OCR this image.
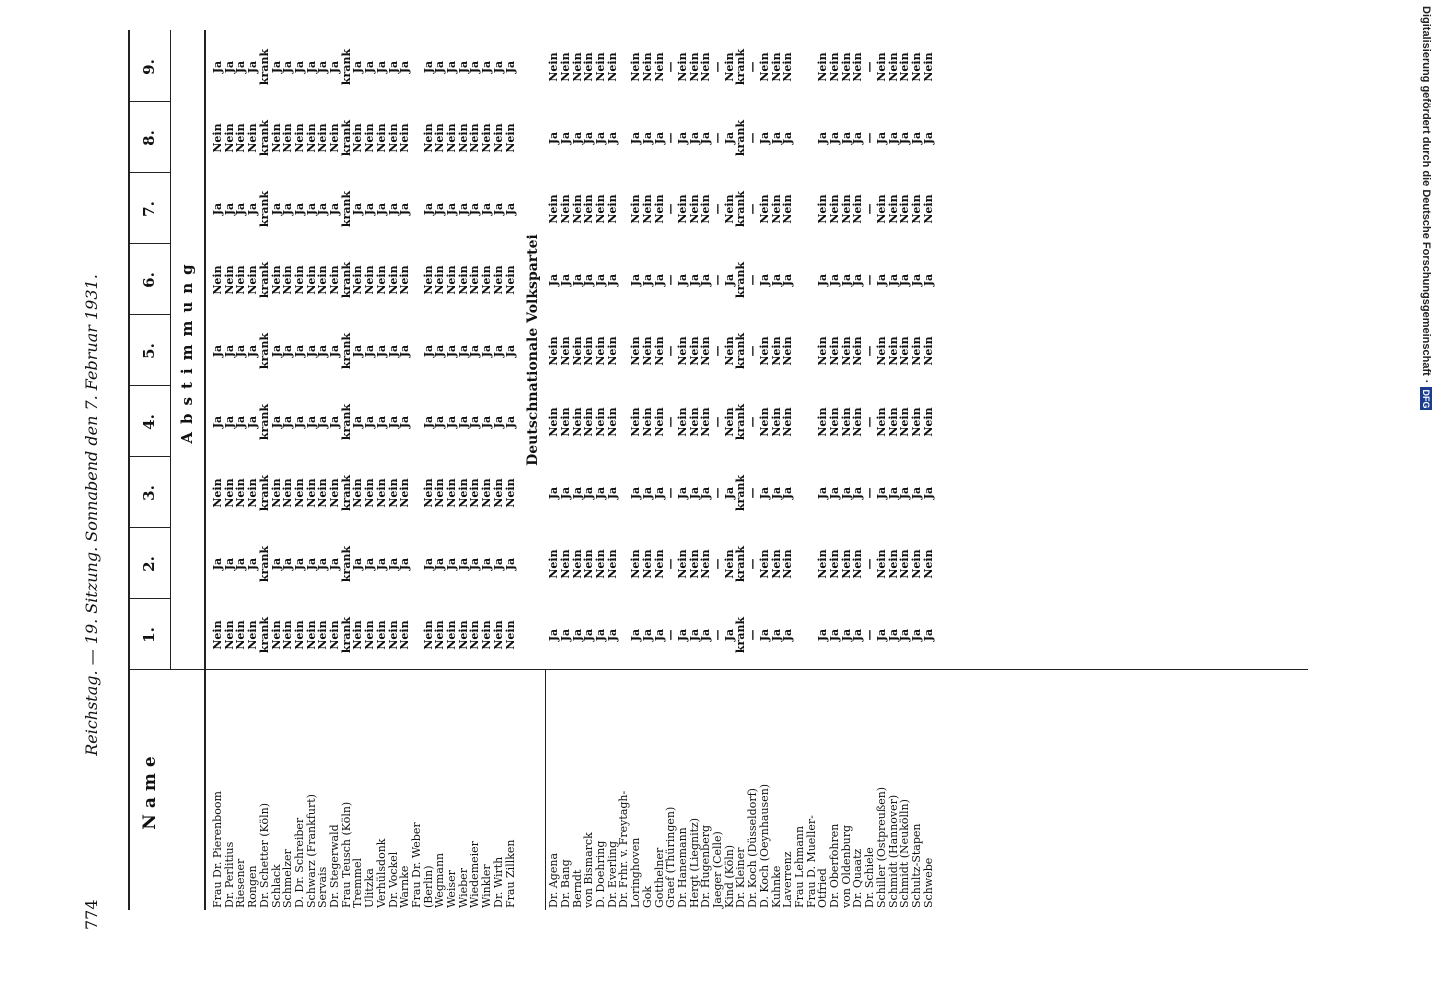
774
Reichstag. — 19. Sitzung. Sonnabend den 7. Februar 1931.
Name
Abstimmung
1.
2.
3.
4.
5.
6.
7.
8.
9.
Frau Dr. Pierenboom
Nein
Ja
Nein
Ja
Ja
Nein
Ja
Nein
Ja
Dr. Perlitius
Nein
Ja
Nein
Ja
Ja
Nein
Ja
Nein
Ja
Riesener
Nein
Ja
Nein
Ja
Ja
Nein
Ja
Nein
Ja
Rongen
Nein
Ja
Nein
Ja
Ja
Nein
Ja
Nein
Ja
Dr. Schetter (Köln)
krank
krank
krank
krank
krank
krank
krank
krank
krank
Schlack
Nein
Ja
Nein
Ja
Ja
Nein
Ja
Nein
Ja
Schmelzer
Nein
Ja
Nein
Ja
Ja
Nein
Ja
Nein
Ja
D. Dr. Schreiber
Nein
Ja
Nein
Ja
Ja
Nein
Ja
Nein
Ja
Schwarz (Frankfurt)
Nein
Ja
Nein
Ja
Ja
Nein
Ja
Nein
Ja
Servais
Nein
Ja
Nein
Ja
Ja
Nein
Ja
Nein
Ja
Dr. Stegerwald
Nein
Ja
Nein
Ja
Ja
Nein
Ja
Nein
Ja
Frau Teusch (Köln)
krank
krank
krank
krank
krank
krank
krank
krank
krank
Tremmel
Nein
Ja
Nein
Ja
Ja
Nein
Ja
Nein
Ja
Ulitzka
Nein
Ja
Nein
Ja
Ja
Nein
Ja
Nein
Ja
Verhülsdonk
Nein
Ja
Nein
Ja
Ja
Nein
Ja
Nein
Ja
Dr. Vockel
Nein
Ja
Nein
Ja
Ja
Nein
Ja
Nein
Ja
Warnke
Nein
Ja
Nein
Ja
Ja
Nein
Ja
Nein
Ja
Frau Dr. Weber
(Berlin)
Nein
Ja
Nein
Ja
Ja
Nein
Ja
Nein
Ja
Wegmann
Nein
Ja
Nein
Ja
Ja
Nein
Ja
Nein
Ja
Weiser
Nein
Ja
Nein
Ja
Ja
Nein
Ja
Nein
Ja
Wieber
Nein
Ja
Nein
Ja
Ja
Nein
Ja
Nein
Ja
Wiedemeier
Nein
Ja
Nein
Ja
Ja
Nein
Ja
Nein
Ja
Winkler
Nein
Ja
Nein
Ja
Ja
Nein
Ja
Nein
Ja
Dr. Wirth
Nein
Ja
Nein
Ja
Ja
Nein
Ja
Nein
Ja
Frau Zillken
Nein
Ja
Nein
Ja
Ja
Nein
Ja
Nein
Ja
Deutschnationale Volkspartei
Dr. Agena
Ja
Nein
Ja
Nein
Nein
Ja
Nein
Ja
Nein
Dr. Bang
Ja
Nein
Ja
Nein
Nein
Ja
Nein
Ja
Nein
Berndt
Ja
Nein
Ja
Nein
Nein
Ja
Nein
Ja
Nein
von Bismarck
Ja
Nein
Ja
Nein
Nein
Ja
Nein
Ja
Nein
D. Doehring
Ja
Nein
Ja
Nein
Nein
Ja
Nein
Ja
Nein
Dr. Everling
Ja
Nein
Ja
Nein
Nein
Ja
Nein
Ja
Nein
Dr. Frhr. v. Freytagh-
Loringhoven
Ja
Nein
Ja
Nein
Nein
Ja
Nein
Ja
Nein
Gok
Ja
Nein
Ja
Nein
Nein
Ja
Nein
Ja
Nein
Gotthelner
Ja
Nein
Ja
Nein
Nein
Ja
Nein
Ja
Nein
Graef (Thüringen)
—
—
—
—
—
—
—
—
—
Dr. Hanemann
Ja
Nein
Ja
Nein
Nein
Ja
Nein
Ja
Nein
Hergt (Liegnitz)
Ja
Nein
Ja
Nein
Nein
Ja
Nein
Ja
Nein
Dr. Hugenberg
Ja
Nein
Ja
Nein
Nein
Ja
Nein
Ja
Nein
Jaeger (Celle)
—
—
—
—
—
—
—
—
—
Kind (Köln)
Ja
Nein
Ja
Nein
Nein
Ja
Nein
Ja
Nein
Dr. Kleiner
krank
krank
krank
krank
krank
krank
krank
krank
krank
Dr. Koch (Düsseldorf)
—
—
—
—
—
—
—
—
—
D. Koch (Oeynhausen)
Ja
Nein
Ja
Nein
Nein
Ja
Nein
Ja
Nein
Kuhnke
Ja
Nein
Ja
Nein
Nein
Ja
Nein
Ja
Nein
Laverrenz
Ja
Nein
Ja
Nein
Nein
Ja
Nein
Ja
Nein
Frau Lehmann
Frau D. Mueller-
Otfried
Ja
Nein
Ja
Nein
Nein
Ja
Nein
Ja
Nein
Dr. Oberfohren
Ja
Nein
Ja
Nein
Nein
Ja
Nein
Ja
Nein
von Oldenburg
Ja
Nein
Ja
Nein
Nein
Ja
Nein
Ja
Nein
Dr. Quaatz
Ja
Nein
Ja
Nein
Nein
Ja
Nein
Ja
Nein
Dr. Schiele
—
—
—
—
—
—
—
—
—
Schiller (Ostpreußen)
Ja
Nein
Ja
Nein
Nein
Ja
Nein
Ja
Nein
Schmidt (Hannover)
Ja
Nein
Ja
Nein
Nein
Ja
Nein
Ja
Nein
Schmidt (Neukölln)
Ja
Nein
Ja
Nein
Nein
Ja
Nein
Ja
Nein
Schultz-Stapen
Ja
Nein
Ja
Nein
Nein
Ja
Nein
Ja
Nein
Schwebe
Ja
Nein
Ja
Nein
Nein
Ja
Nein
Ja
Nein	Digitalisierung gefördert durch die Deutsche Forschungsgemeinschaft
·
DFG
